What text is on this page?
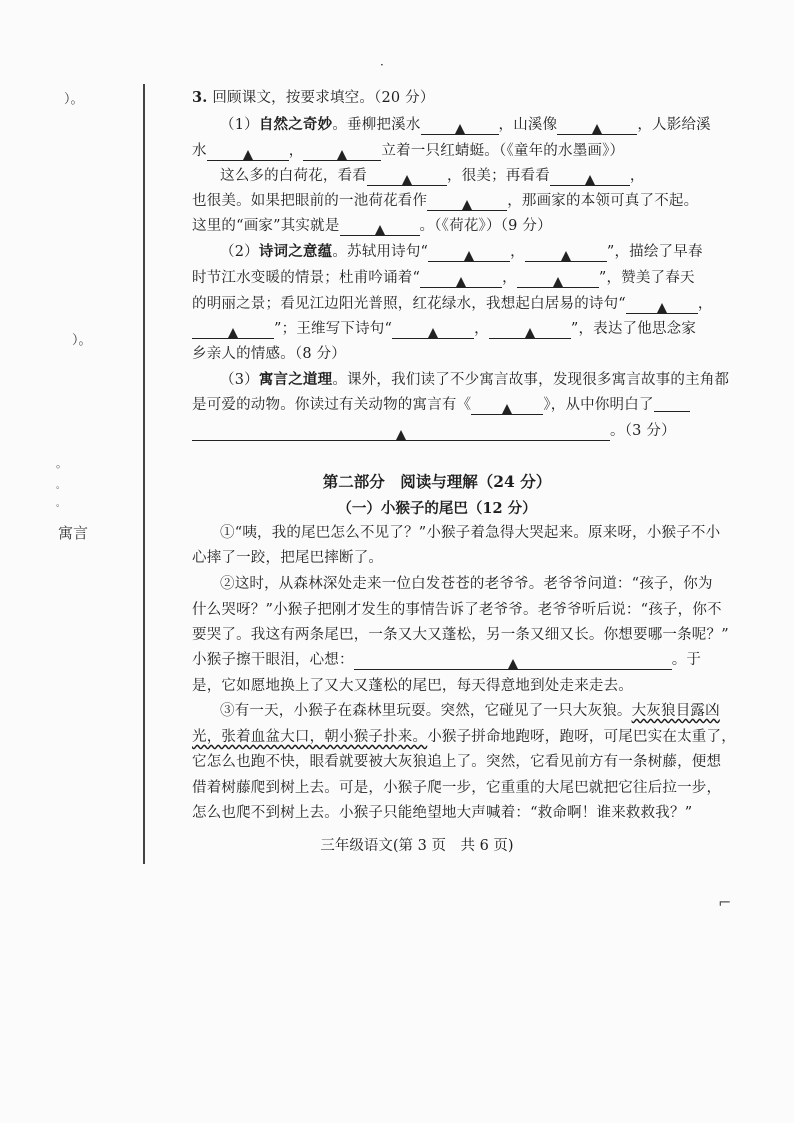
）。
）。
。
。
。
寓言
·
3. 回顾课文，按要求填空。（20 分）
（1）自然之奇妙。垂柳把溪水	，山溪像	，人影给溪
水	，	立着一只红蜻蜓。（《童年的水墨画》）
这么多的白荷花，看看	，很美；再看看	，
也很美。如果把眼前的一池荷花看作	，那画家的本领可真了不起。
这里的“画家”其实就是	。（《荷花》）（9 分）
（2）诗词之意蕴。苏轼用诗句“	，	”，描绘了早春
时节江水变暖的情景；杜甫吟诵着“	，	”，赞美了春天
的明丽之景；看见江边阳光普照，红花绿水，我想起白居易的诗句“	，
”；王维写下诗句“	，	”，表达了他思念家
乡亲人的情感。（8 分）
（3）寓言之道理。课外，我们读了不少寓言故事，发现很多寓言故事的主角都
是可爱的动物。你读过有关动物的寓言有《	》，从中你明白了
。（3 分）
第二部分　阅读与理解（24 分）
（一）小猴子的尾巴（12 分）
①“咦，我的尾巴怎么不见了？”小猴子着急得大哭起来。原来呀，小猴子不小
心摔了一跤，把尾巴摔断了。
②这时，从森林深处走来一位白发苍苍的老爷爷。老爷爷问道：“孩子，你为
什么哭呀？”小猴子把刚才发生的事情告诉了老爷爷。老爷爷听后说：“孩子，你不
要哭了。我这有两条尾巴，一条又大又蓬松，另一条又细又长。你想要哪一条呢？”
小猴子擦干眼泪，心想：	。于
是，它如愿地换上了又大又蓬松的尾巴，每天得意地到处走来走去。
③有一天，小猴子在森林里玩耍。突然，它碰见了一只大灰狼。大灰狼目露凶
光，张着血盆大口，朝小猴子扑来。小猴子拼命地跑呀，跑呀，可尾巴实在太重了，
它怎么也跑不快，眼看就要被大灰狼追上了。突然，它看见前方有一条树藤，便想
借着树藤爬到树上去。可是，小猴子爬一步，它重重的大尾巴就把它往后拉一步，
怎么也爬不到树上去。小猴子只能绝望地大声喊着：“救命啊！谁来救救我？”
三年级语文(第 3 页　共 6 页)
⌐
